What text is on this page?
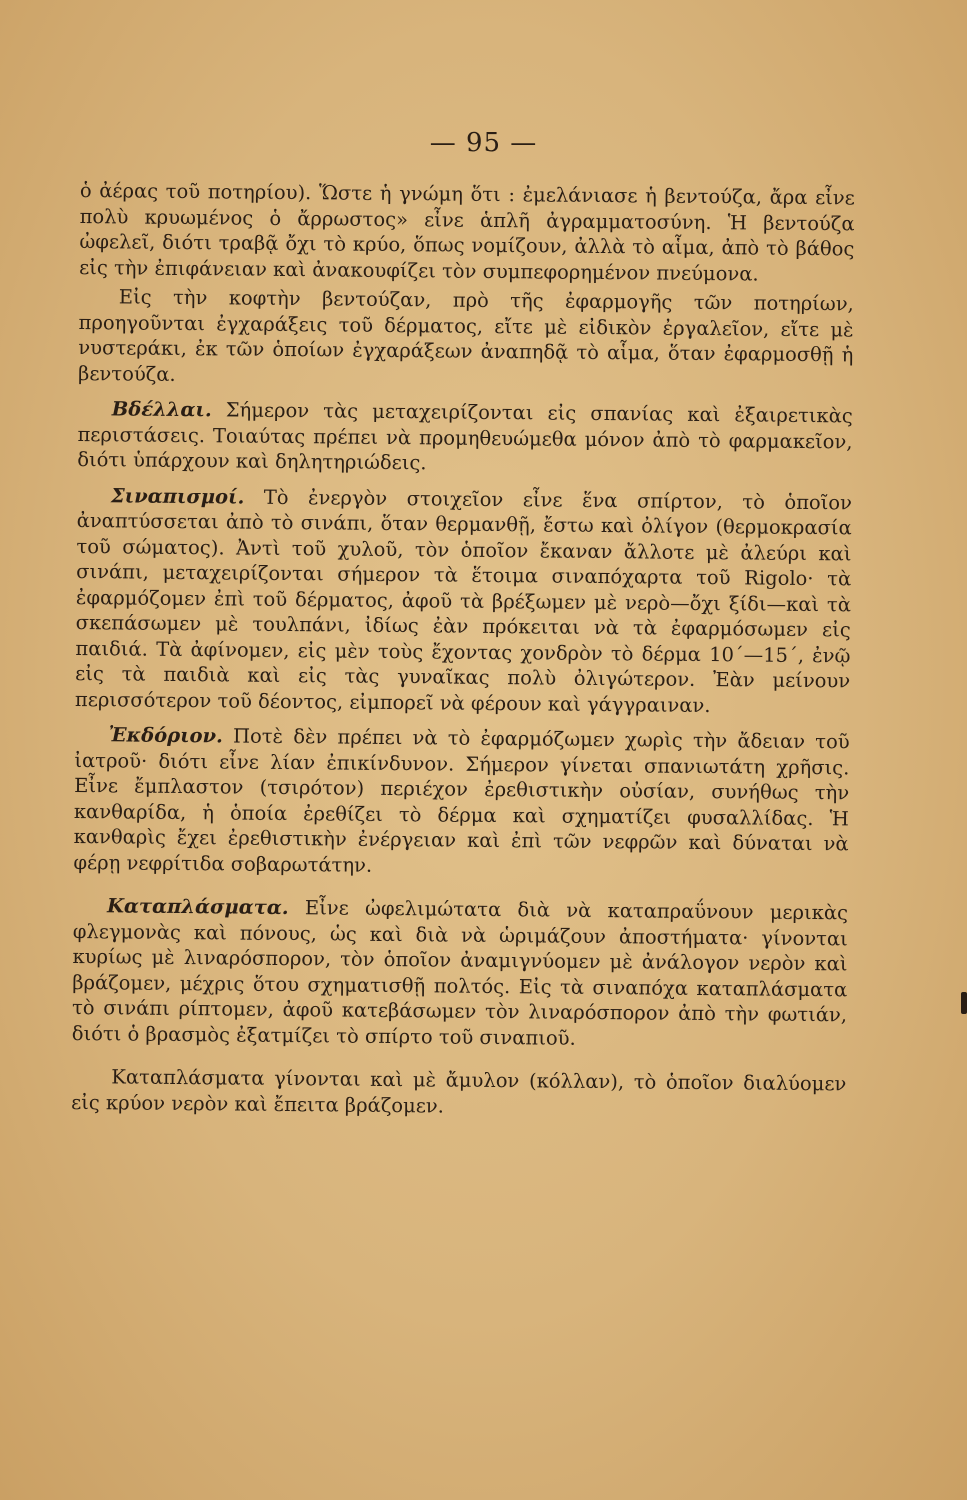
— 95 —

ὁ ἀέρας τοῦ ποτηρίου). Ὥστε ἡ γνώμη ὅτι : ἐμελάνιασε ἡ βεντούζα, ἄρα εἶνε πολὺ κρυωμένος ὁ ἄρρωστος» εἶνε ἁπλῆ ἀγραμματοσύνη. Ἡ βεντούζα ὠφελεῖ, διότι τραβᾷ ὄχι τὸ κρύο, ὅπως νομίζουν, ἀλλὰ τὸ αἷμα, ἀπὸ τὸ βάθος εἰς τὴν ἐπιφάνειαν καὶ ἀνακουφίζει τὸν συμπεφορημένον πνεύμονα.

Εἰς τὴν κοφτὴν βεντούζαν, πρὸ τῆς ἐφαρμογῆς τῶν ποτηρίων, προηγοῦνται ἐγχαράξεις τοῦ δέρματος, εἴτε μὲ εἰδικὸν ἐργαλεῖον, εἴτε μὲ νυστεράκι, ἐκ τῶν ὁποίων ἐγχαράξεων ἀναπηδᾷ τὸ αἷμα, ὅταν ἐφαρμοσθῇ ἡ βεντούζα.

Βδέλλαι. Σήμερον τὰς μεταχειρίζονται εἰς σπανίας καὶ ἐξαιρετικὰς περιστάσεις. Τοιαύτας πρέπει νὰ προμηθευώμεθα μόνον ἀπὸ τὸ φαρμακεῖον, διότι ὑπάρχουν καὶ δηλητηριώδεις.

Σιναπισμοί. Τὸ ἐνεργὸν στοιχεῖον εἶνε ἕνα σπίρτον, τὸ ὁποῖον ἀναπτύσσεται ἀπὸ τὸ σινάπι, ὅταν θερμανθῇ, ἔστω καὶ ὀλίγον (θερμοκρασία τοῦ σώματος). Ἀντὶ τοῦ χυλοῦ, τὸν ὁποῖον ἔκαναν ἄλλοτε μὲ ἀλεύρι καὶ σινάπι, μεταχειρίζονται σήμερον τὰ ἕτοιμα σιναπόχαρτα τοῦ Rigolo· τὰ ἐφαρμόζομεν ἐπὶ τοῦ δέρματος, ἀφοῦ τὰ βρέξωμεν μὲ νερὸ—ὄχι ξίδι—καὶ τὰ σκεπάσωμεν μὲ τουλπάνι, ἰδίως ἐὰν πρόκειται νὰ τὰ ἐφαρμόσωμεν εἰς παιδιά. Τὰ ἀφίνομεν, εἰς μὲν τοὺς ἔχοντας χονδρὸν τὸ δέρμα 10΄—15΄, ἐνῷ εἰς τὰ παιδιὰ καὶ εἰς τὰς γυναῖκας πολὺ ὀλιγώτερον. Ἐὰν μείνουν περισσότερον τοῦ δέοντος, εἰμπορεῖ νὰ φέρουν καὶ γάγγραιναν.

Ἐκδόριον. Ποτὲ δὲν πρέπει νὰ τὸ ἐφαρμόζωμεν χωρὶς τὴν ἄδειαν τοῦ ἰατροῦ· διότι εἶνε λίαν ἐπικίνδυνον. Σήμερον γίνεται σπανιωτάτη χρῆσις. Εἶνε ἔμπλαστον (τσιρότον) περιέχον ἐρεθιστικὴν οὐσίαν, συνήθως τὴν κανθαρίδα, ἡ ὁποία ἐρεθίζει τὸ δέρμα καὶ σχηματίζει φυσαλλίδας. Ἡ κανθαρὶς ἔχει ἐρεθιστικὴν ἐνέργειαν καὶ ἐπὶ τῶν νεφρῶν καὶ δύναται νὰ φέρῃ νεφρίτιδα σοβαρωτάτην.

Καταπλάσματα. Εἶνε ὠφελιμώτατα διὰ νὰ καταπραΰνουν μερικὰς φλεγμονὰς καὶ πόνους, ὡς καὶ διὰ νὰ ὡριμάζουν ἀποστήματα· γίνονται κυρίως μὲ λιναρόσπορον, τὸν ὁποῖον ἀναμιγνύομεν μὲ ἀνάλογον νερὸν καὶ βράζομεν, μέχρις ὅτου σχηματισθῇ πολτός. Εἰς τὰ σιναπόχα καταπλάσματα τὸ σινάπι ρίπτομεν, ἀφοῦ κατεβάσωμεν τὸν λιναρόσπορον ἀπὸ τὴν φωτιάν, διότι ὁ βρασμὸς ἐξατμίζει τὸ σπίρτο τοῦ σιναπιοῦ.

Καταπλάσματα γίνονται καὶ μὲ ἄμυλον (κόλλαν), τὸ ὁποῖον διαλύομεν εἰς κρύον νερὸν καὶ ἔπειτα βράζομεν.
